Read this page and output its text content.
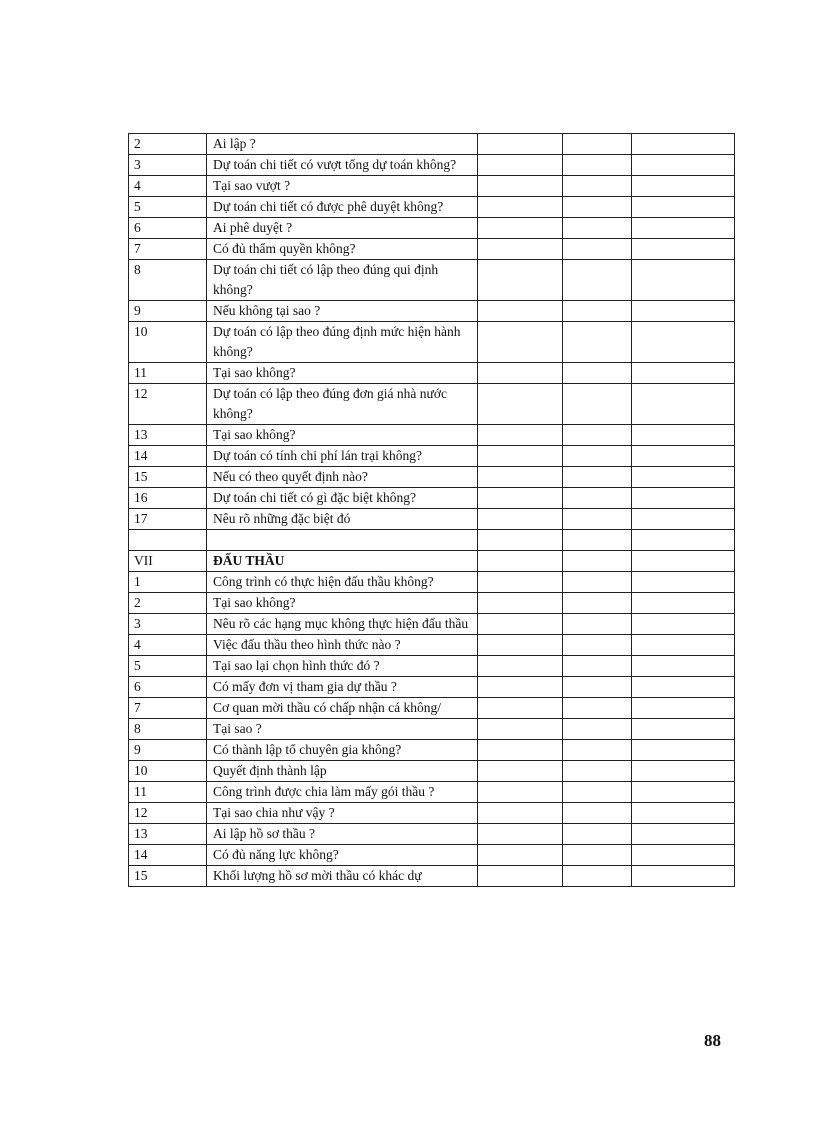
2	Ai lập ?			
3	Dự toán chi tiết có vượt tổng dự toán không?			
4	Tại sao vượt ?			
5	Dự toán chi tiết có được phê duyệt không?			
6	Ai phê duyệt ?			
7	Có đủ thẩm quyền không?			
8	Dự toán chi tiết có lập theo đúng qui định không?			
9	Nếu không tại sao ?			
10	Dự toán có lập theo đúng định mức hiện hành không?			
11	Tại sao không?			
12	Dự toán có lập theo đúng đơn giá nhà nước không?			
13	Tại sao không?			
14	Dự toán có tính chi phí lán trại không?			
15	Nếu có theo quyết định nào?			
16	Dự toán chi tiết có gì đặc biệt không?			
17	Nêu rõ những đặc biệt đó			

VII	ĐẤU THẦU			
1	Công trình có thực hiện đấu thầu không?			
2	Tại sao không?			
3	Nêu rõ các hạng mục không thực hiện đấu thầu			
4	Việc đấu thầu theo hình thức nào ?			
5	Tại sao lại chọn hình thức đó ?			
6	Có mấy đơn vị tham gia dự thầu ?			
7	Cơ quan mời thầu có chấp nhận cá không/			
8	Tại sao ?			
9	Có thành lập tổ chuyên gia không?			
10	Quyết định thành lập			
11	Công trình được chia làm mấy gói thầu ?			
12	Tại sao chia như vậy ?			
13	Ai lập hồ sơ thầu ?			
14	Có đủ năng lực không?			
15	Khối lượng hồ sơ mời thầu có khác dự			
88
